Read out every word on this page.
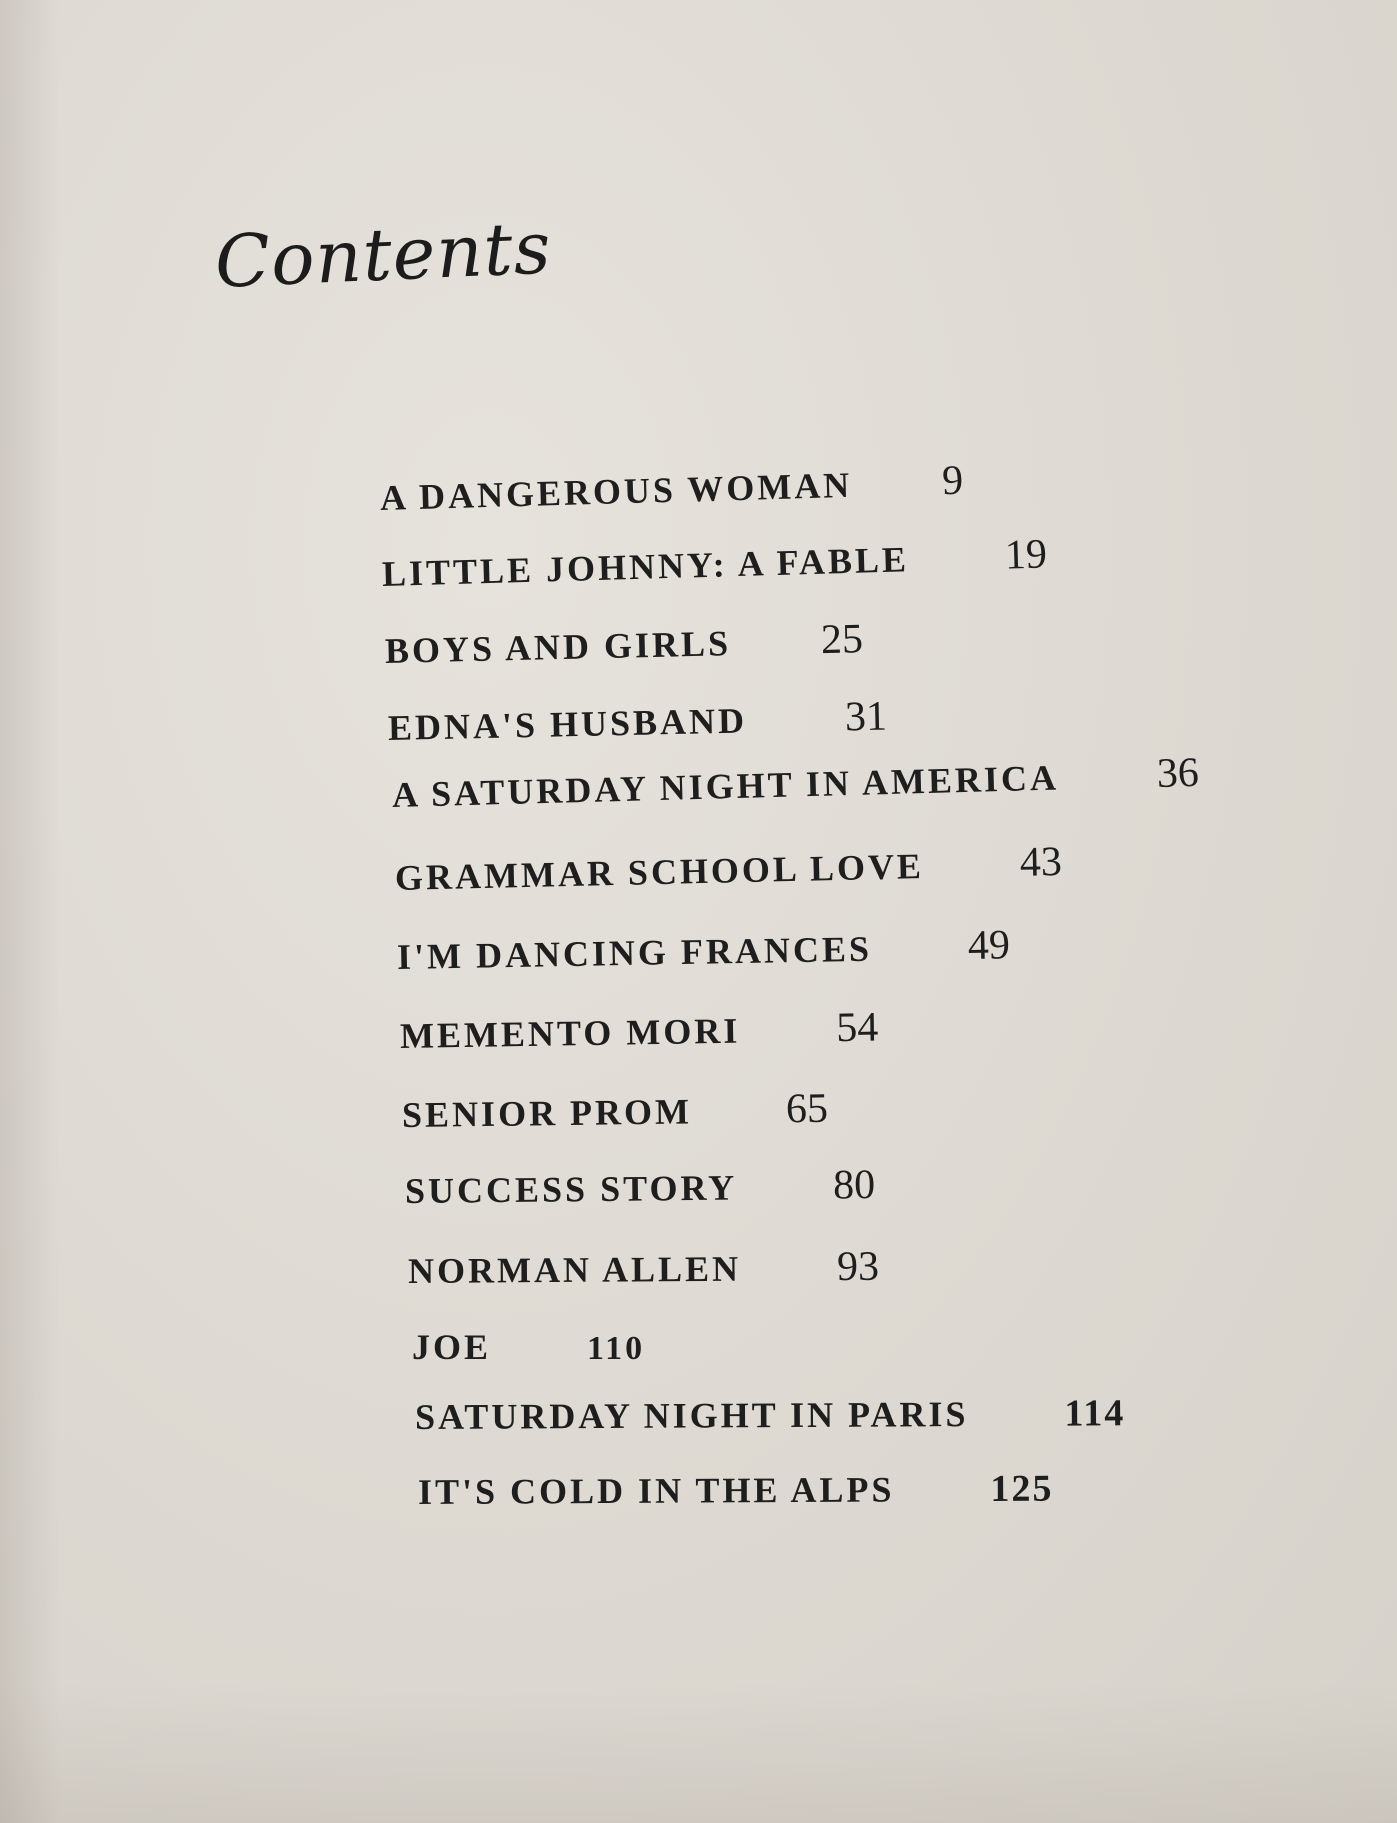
Contents
A DANGEROUS WOMAN 9
LITTLE JOHNNY: A FABLE 19
BOYS AND GIRLS 25
EDNA'S HUSBAND 31
A SATURDAY NIGHT IN AMERICA 36
GRAMMAR SCHOOL LOVE 43
I'M DANCING FRANCES 49
MEMENTO MORI 54
SENIOR PROM 65
SUCCESS STORY 80
NORMAN ALLEN 93
JOE	110
SATURDAY NIGHT IN PARIS	114
IT'S COLD IN THE ALPS	125
